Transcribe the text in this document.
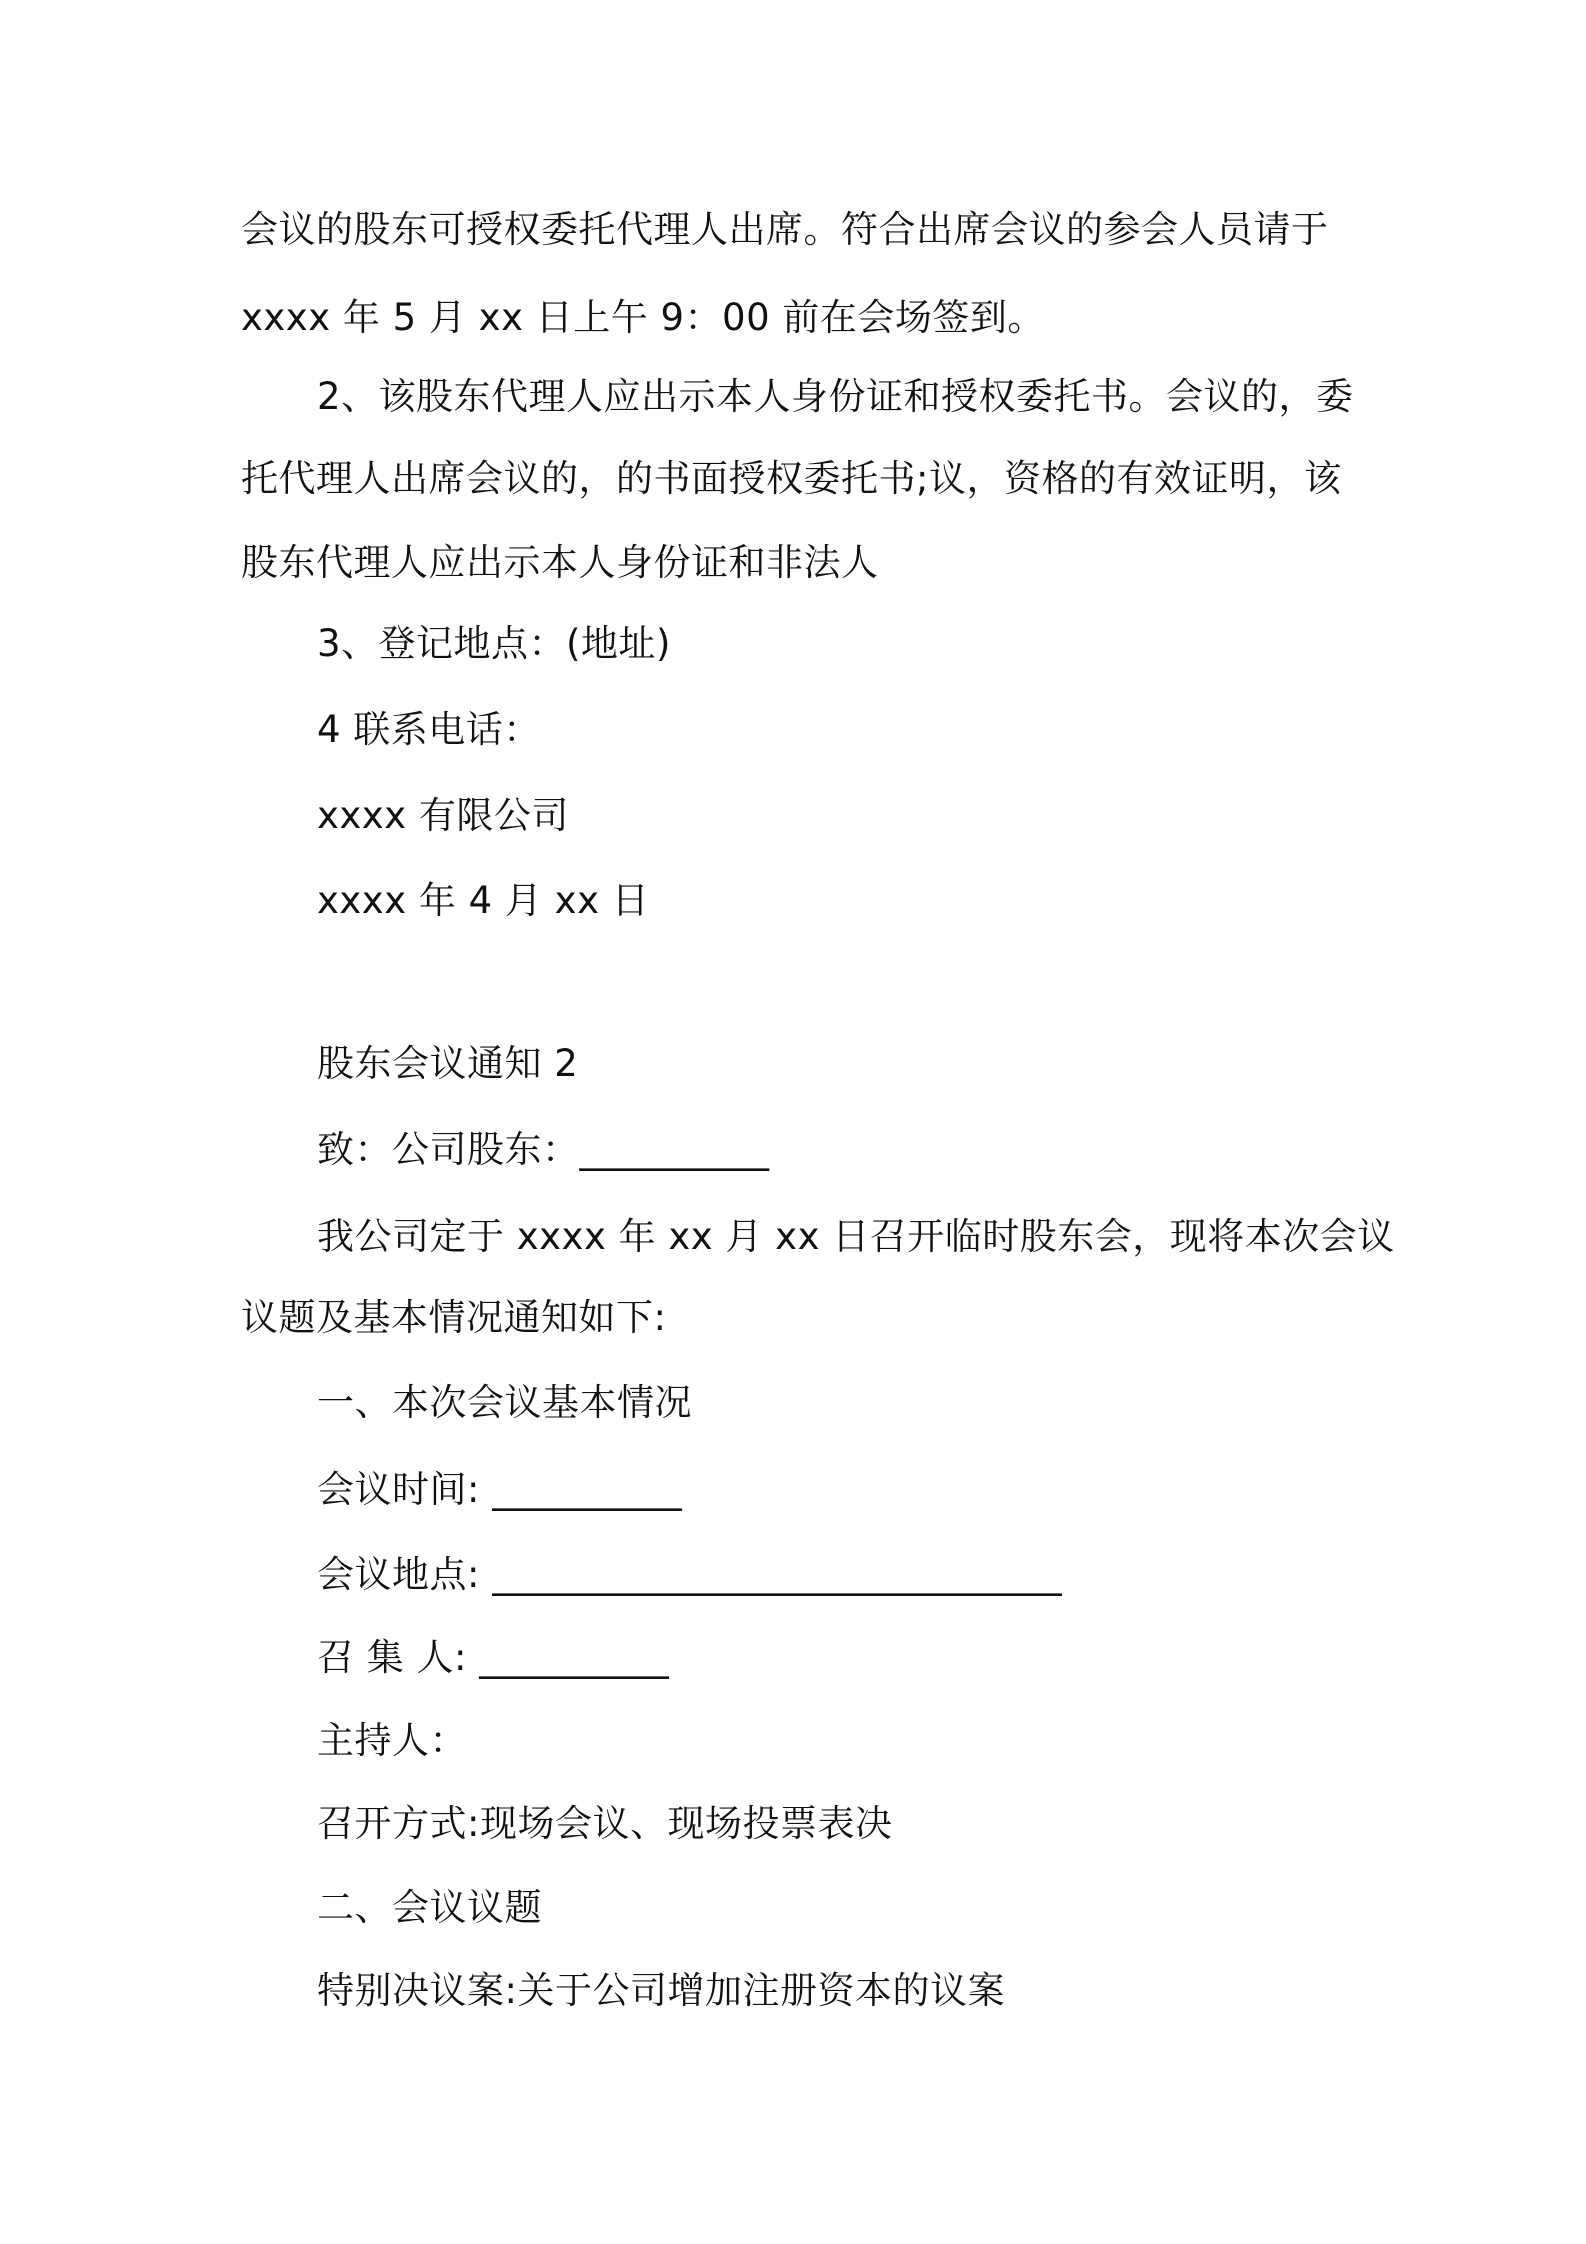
会议的股东可授权委托代理人出席。符合出席会议的参会人员请于
xxxx 年 5 月 xx 日上午 9：00 前在会场签到。
2、该股东代理人应出示本人身份证和授权委托书。会议的，委
托代理人出席会议的，的书面授权委托书;议，资格的有效证明，该
股东代理人应出示本人身份证和非法人
3、登记地点：(地址)
4 联系电话：
xxxx 有限公司
xxxx 年 4 月 xx 日
股东会议通知 2
致：公司股东：__________
我公司定于 xxxx 年 xx 月 xx 日召开临时股东会，现将本次会议
议题及基本情况通知如下:
一、本次会议基本情况
会议时间: __________
会议地点: ______________________________
召 集 人: __________
主持人：
召开方式:现场会议、现场投票表决
二、会议议题
特别决议案:关于公司增加注册资本的议案
